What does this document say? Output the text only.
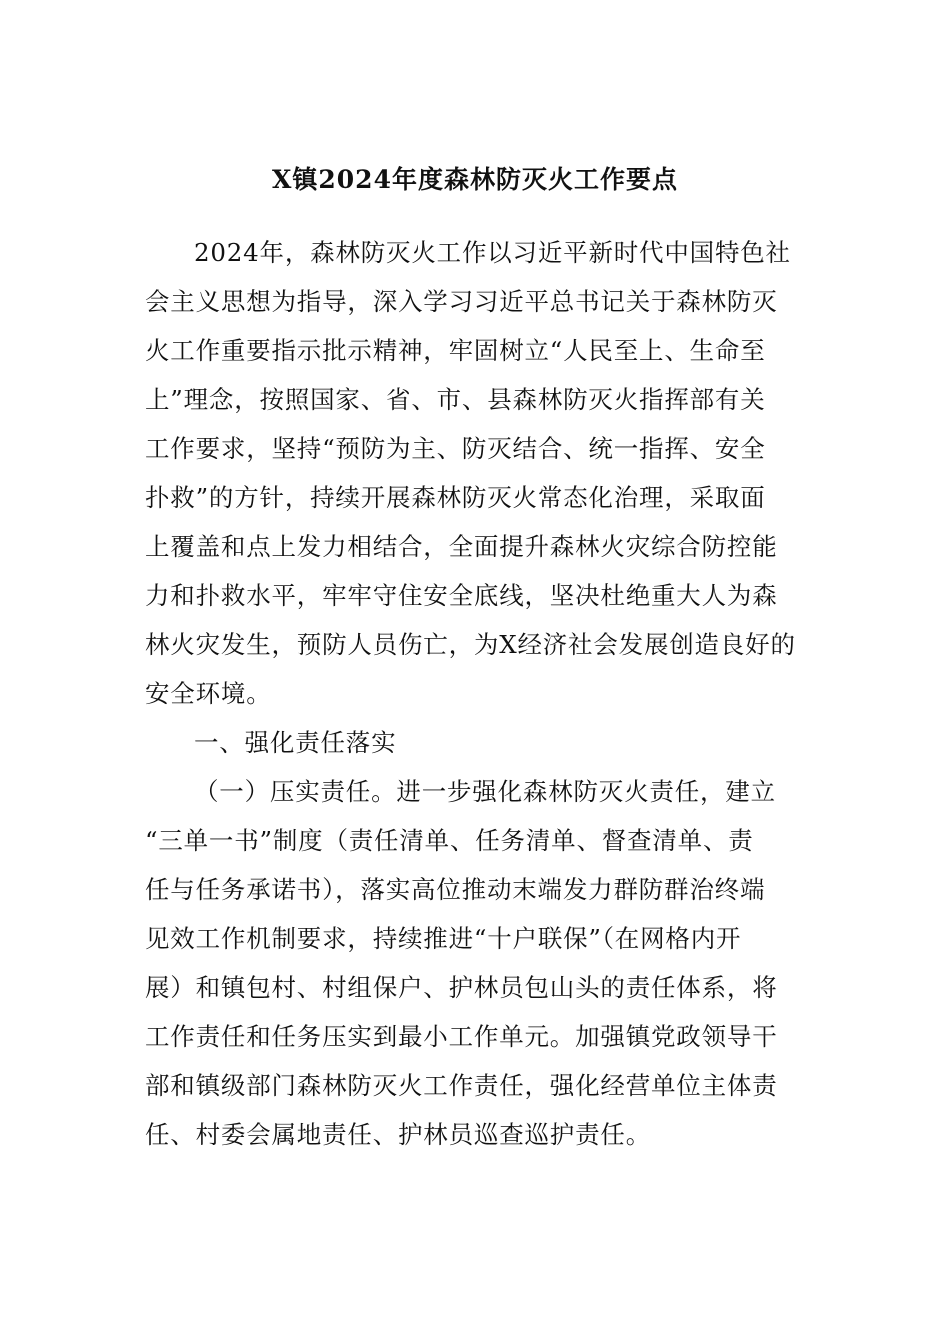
X镇2024年度森林防灭火工作要点
2024年，森林防灭火工作以习近平新时代中国特色社
会主义思想为指导，深入学习习近平总书记关于森林防灭
火工作重要指示批示精神，牢固树立“人民至上、生命至
上”理念，按照国家、省、市、县森林防灭火指挥部有关
工作要求，坚持“预防为主、防灭结合、统一指挥、安全
扑救”的方针，持续开展森林防灭火常态化治理，采取面
上覆盖和点上发力相结合，全面提升森林火灾综合防控能
力和扑救水平，牢牢守住安全底线，坚决杜绝重大人为森
林火灾发生，预防人员伤亡，为X经济社会发展创造良好的
安全环境。
一、强化责任落实
（一）压实责任。进一步强化森林防灭火责任，建立
“三单一书”制度（责任清单、任务清单、督查清单、责
任与任务承诺书），落实高位推动末端发力群防群治终端
见效工作机制要求，持续推进“十户联保”（在网格内开
展）和镇包村、村组保户、护林员包山头的责任体系，将
工作责任和任务压实到最小工作单元。加强镇党政领导干
部和镇级部门森林防灭火工作责任，强化经营单位主体责
任、村委会属地责任、护林员巡查巡护责任。
